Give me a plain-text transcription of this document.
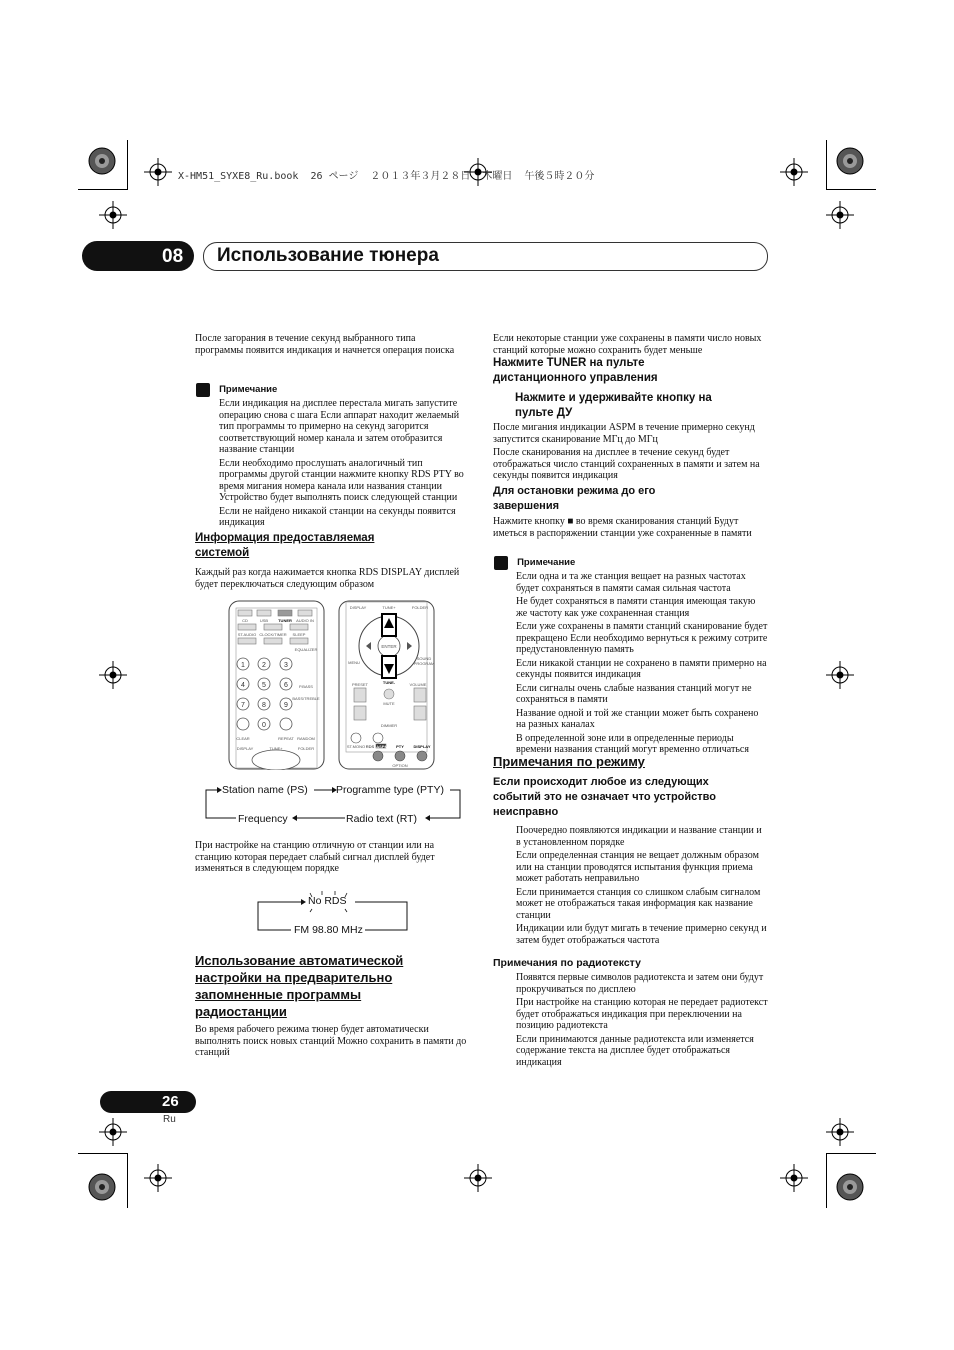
X-HM51_SYXE8_Ru.book  26 ページ  ２０１３年３月２８日  木曜日  午後５時２０分
08 Использование тюнера
После загорания в течение секунд выбранного типа программы появится индикация и начнется операция поиска
Примечание

Если индикация на дисплее перестала мигать запустите операцию снова с шага Если аппарат находит желаемый тип программы то примерно на секунд загорится соответствующий номер канала и затем отобразится название станции

Если необходимо прослушать аналогичный тип программы другой станции нажмите кнопку RDS PTY во время мигания номера канала или названия станции Устройство будет выполнять поиск следующей станции

Если не найдено никакой станции на секунды появится индикация

Информация предоставляемая системой
Каждый раз когда нажимается кнопка RDS DISPLAY дисплей будет переключаться следующим образом
1 2	3
4 5	6
7 8	9
0
CD	USB TUNER AUDIO IN
ST.AUDIO CLOCK/TIMER SLEEP
EQUALIZER
P.BASS
BASS/TREBLE
CLEAR	REPEAT RANDOM
DISPLAY	TUNE+	FOLDER
DISPLAY	TUNE+	FOLDER
ENTER
MENU
SOUND
PROGRAM
PRESET	VOLUME
TUNE-
MUTE
DIMMER
ST.MONO RDS ASPM PTY DISPLAY
OPTION
Station name (PS)	Programme type (PTY)
Frequency	Radio text (RT)
При настройке на станцию отличную от станции или на станцию которая передает слабый сигнал дисплей будет изменяться в следующем порядке
No RDS
FM 98.80 MHz
Использование автоматической настройки на предварительно запомненные программы радиостанции
Во время рабочего режима тюнер будет автоматически выполнять поиск новых станций Можно сохранить в памяти до станций
Если некоторые станции уже сохранены в памяти число новых станций которые можно сохранить будет меньше
Нажмите TUNER на пульте дистанционного управления
Нажмите и удерживайте кнопку на пульте ДУ
После мигания индикации ASPM в течение примерно секунд запустится сканирование МГц до МГц
После сканирования на дисплее в течение секунд будет отображаться число станций сохраненных в памяти и затем на секунды появится индикация
Для остановки режима до его завершения
Нажмите кнопку ■ во время сканирования станций Будут иметься в распоряжении станции уже сохраненные в памяти
Примечание

Если одна и та же станция вещает на разных частотах будет сохраняться в памяти самая сильная частота

Не будет сохраняться в памяти станция имеющая такую же частоту как уже сохраненная станция

Если уже сохранены в памяти станций сканирование будет прекращено Если необходимо вернуться к режиму сотрите предустановленную память

Если никакой станции не сохранено в памяти примерно на секунды появится индикация

Если сигналы очень слабые названия станций могут не сохраняться в памяти

Название одной и той же станции может быть сохранено на разных каналах

В определенной зоне или в определенные периоды времени названия станций могут временно отличаться

Примечания по режиму
Если происходит любое из следующих событий это не означает что устройство неисправно

Поочередно появляются индикации и название станции и в установленном порядке

Если определенная станция не вещает должным образом или на станции проводятся испытания функция приема может работать неправильно

Если принимается станция со слишком слабым сигналом может не отображаться такая информация как название станции

Индикации или будут мигать в течение примерно секунд и затем будет отображаться частота

Примечания по радиотексту

Появятся первые символов радиотекста и затем они будут прокручиваться по дисплею

При настройке на станцию которая не передает радиотекст будет отображаться индикация при переключении на позицию радиотекста

Если принимаются данные радиотекста или изменяется содержание текста на дисплее будет отображаться индикация

26
Ru
